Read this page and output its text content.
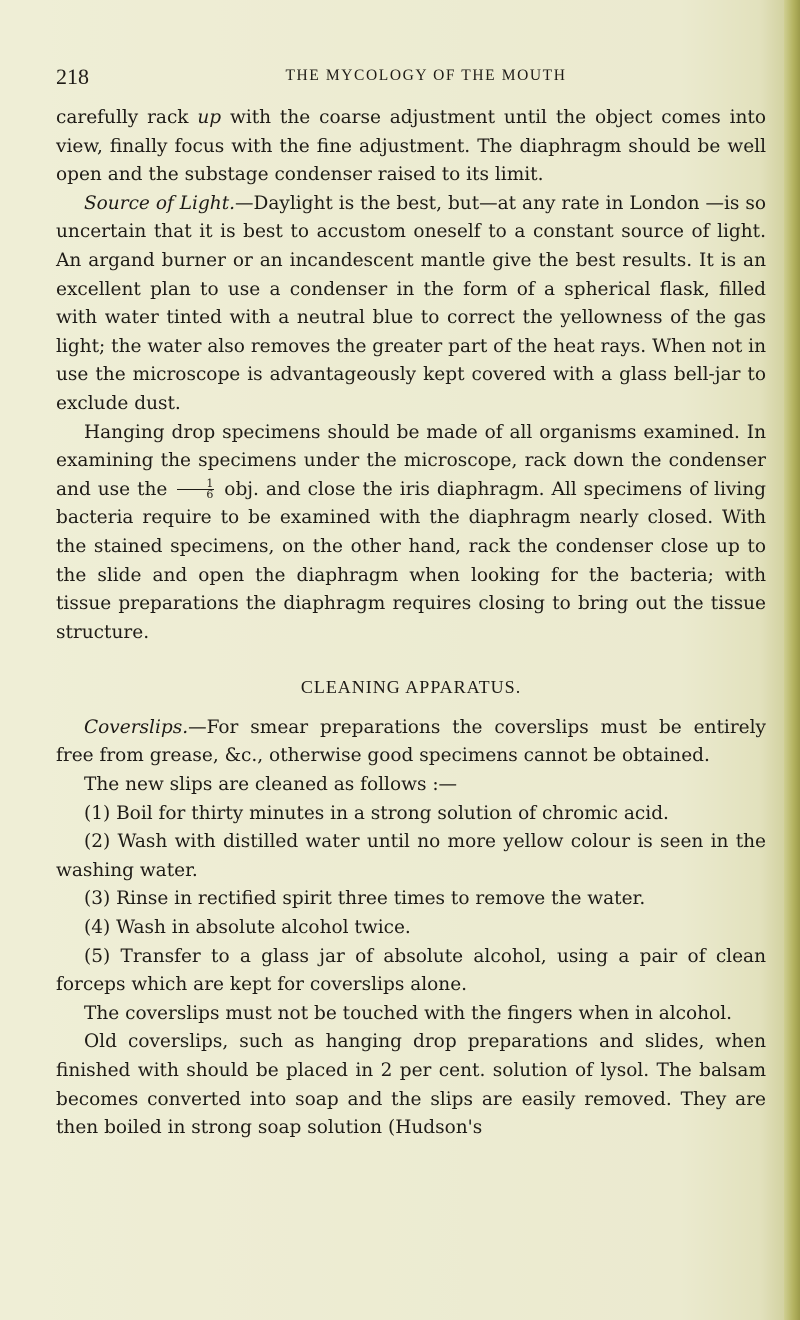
218	THE MYCOLOGY OF THE MOUTH

carefully rack up with the coarse adjustment until the object comes into view, finally focus with the fine adjustment. The diaphragm should be well open and the substage condenser raised to its limit.

Source of Light.—Daylight is the best, but—at any rate in London —is so uncertain that it is best to accustom oneself to a constant source of light. An argand burner or an incandescent mantle give the best results. It is an excellent plan to use a condenser in the form of a spherical flask, filled with water tinted with a neutral blue to correct the yellowness of the gas light; the water also removes the greater part of the heat rays. When not in use the microscope is advantageously kept covered with a glass bell-jar to exclude dust.

Hanging drop specimens should be made of all organisms examined. In examining the specimens under the microscope, rack down the condenser and use the $\frac{1}{6}$ obj. and close the iris diaphragm. All specimens of living bacteria require to be examined with the diaphragm nearly closed. With the stained specimens, on the other hand, rack the condenser close up to the slide and open the diaphragm when looking for the bacteria; with tissue preparations the diaphragm requires closing to bring out the tissue structure.

CLEANING APPARATUS.

Coverslips.—For smear preparations the coverslips must be entirely free from grease, &c., otherwise good specimens cannot be obtained.

The new slips are cleaned as follows :—

(1) Boil for thirty minutes in a strong solution of chromic acid.

(2) Wash with distilled water until no more yellow colour is seen in the washing water.

(3) Rinse in rectified spirit three times to remove the water.

(4) Wash in absolute alcohol twice.

(5) Transfer to a glass jar of absolute alcohol, using a pair of clean forceps which are kept for coverslips alone.

The coverslips must not be touched with the fingers when in alcohol.

Old coverslips, such as hanging drop preparations and slides, when finished with should be placed in 2 per cent. solution of lysol. The balsam becomes converted into soap and the slips are easily removed. They are then boiled in strong soap solution (Hudson's
